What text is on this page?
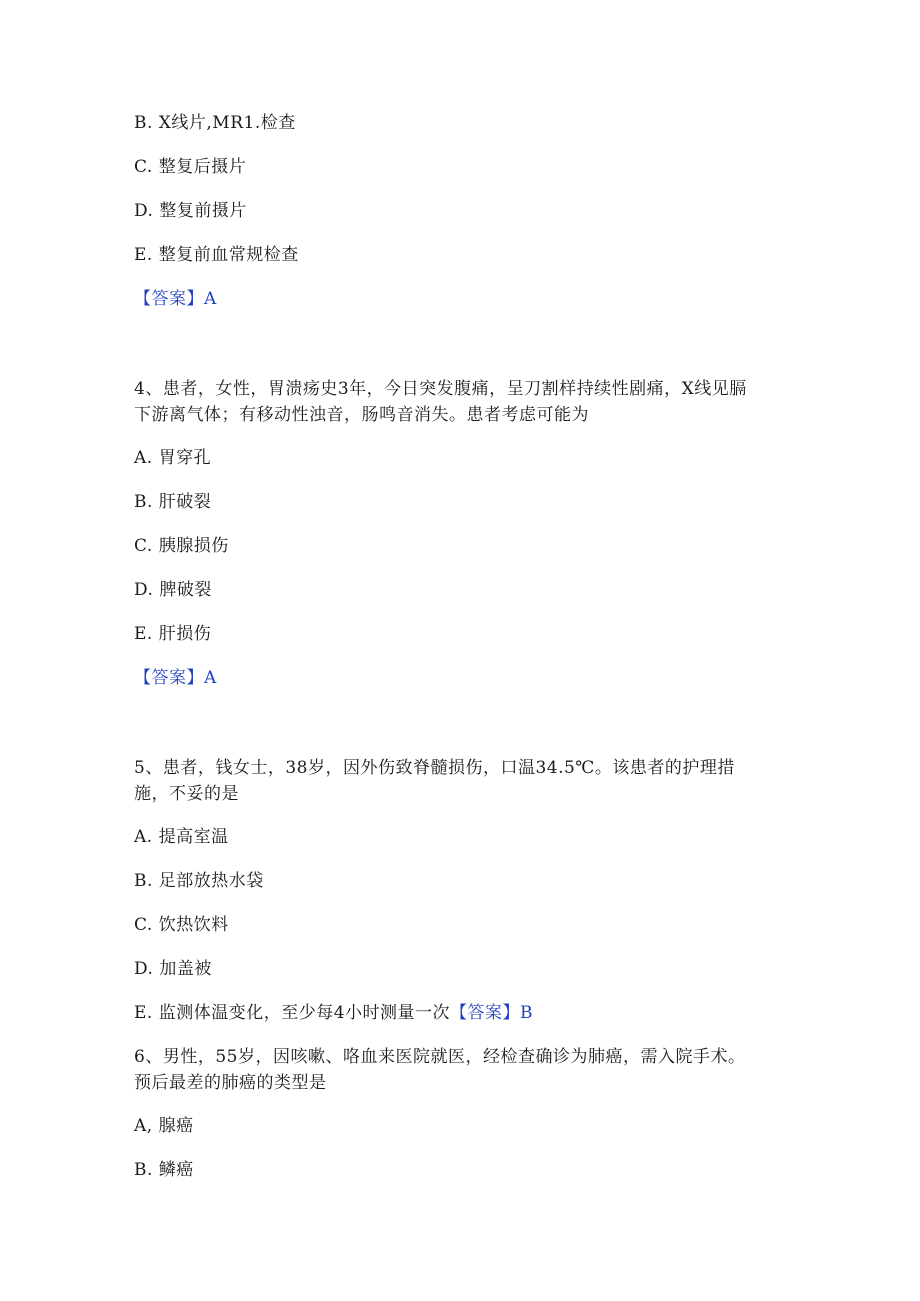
B. X线片,MR1.检查
C. 整复后摄片
D. 整复前摄片
E. 整复前血常规检查
【答案】A
4、患者，女性，胃溃疡史3年，今日突发腹痛，呈刀割样持续性剧痛，X线见膈
下游离气体；有移动性浊音，肠鸣音消失。患者考虑可能为
A. 胃穿孔
B. 肝破裂
C. 胰腺损伤
D. 脾破裂
E. 肝损伤
【答案】A
5、患者，钱女士，38岁，因外伤致脊髓损伤，口温34.5℃。该患者的护理措
施，不妥的是
A. 提高室温
B. 足部放热水袋
C. 饮热饮料
D. 加盖被
E. 监测体温变化，至少每4小时测量一次【答案】B
6、男性，55岁，因咳嗽、咯血来医院就医，经检查确诊为肺癌，需入院手术。
预后最差的肺癌的类型是
A, 腺癌
B. 鳞癌
